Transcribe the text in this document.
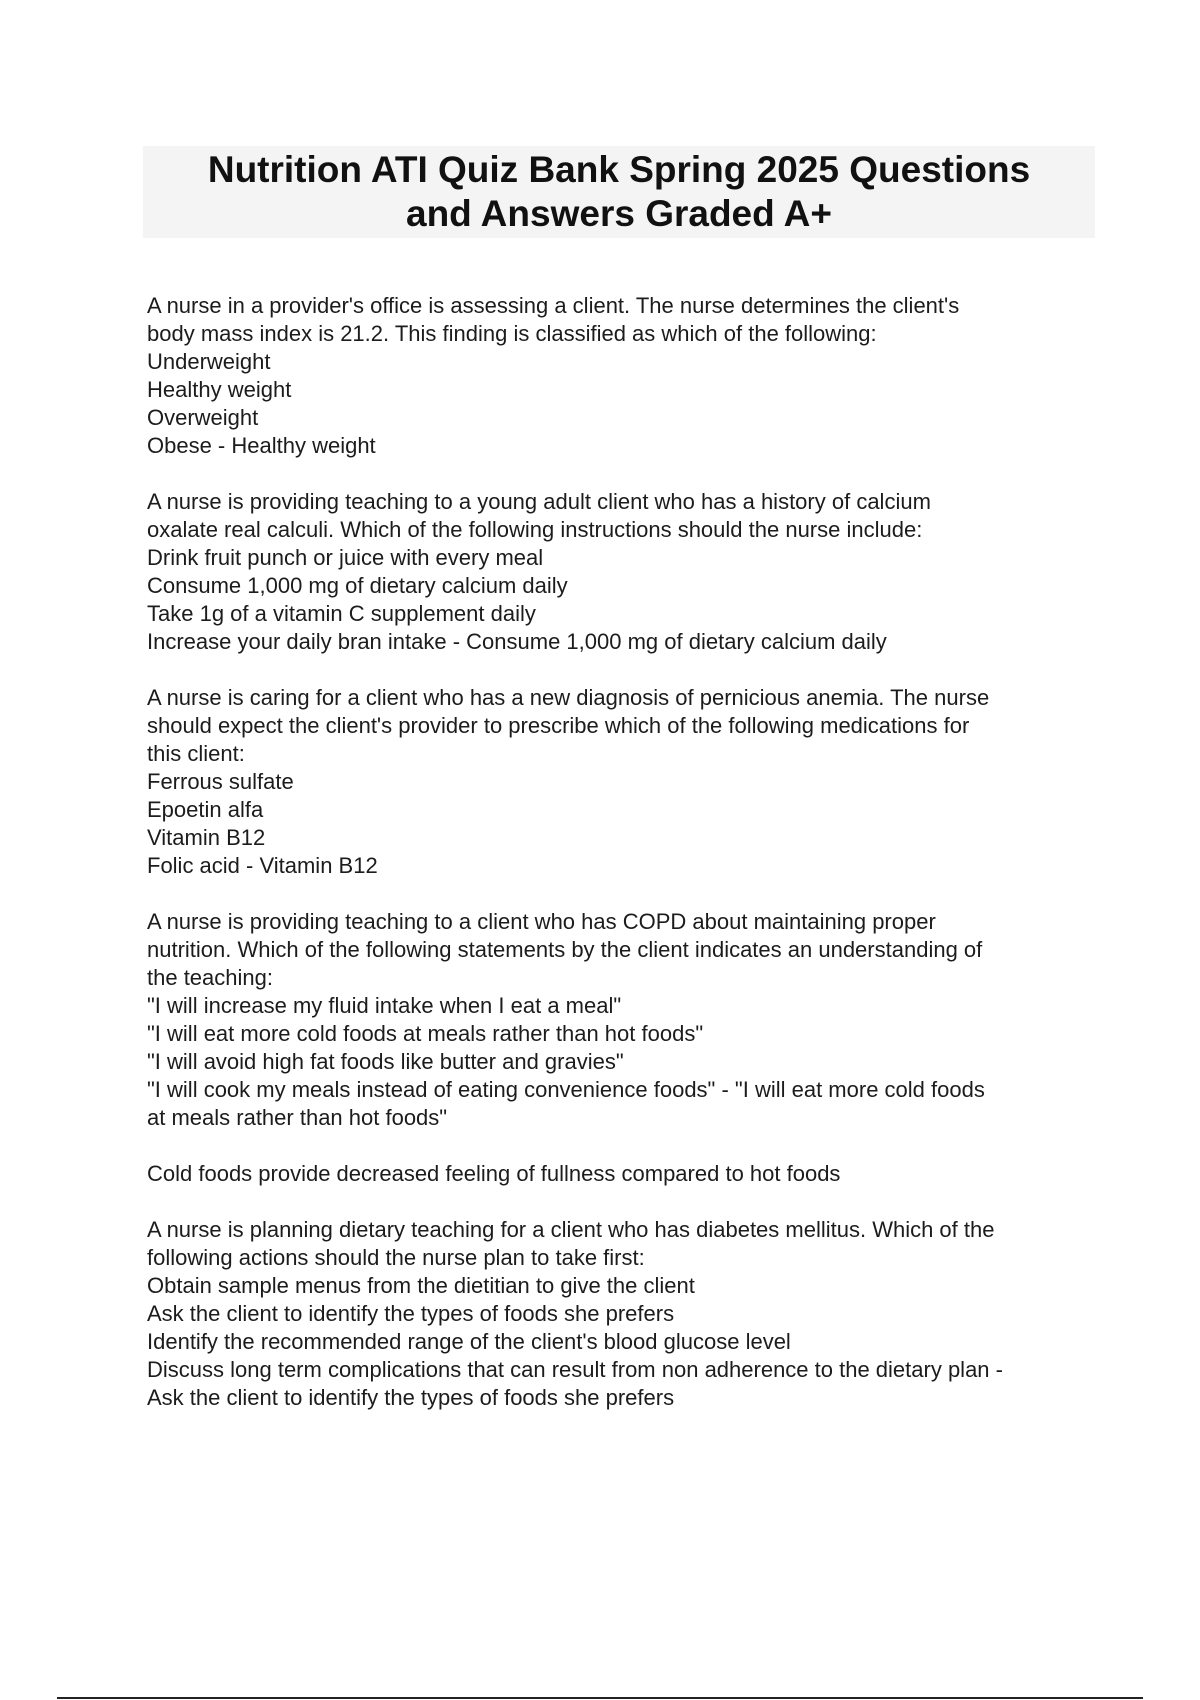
Nutrition ATI Quiz Bank Spring 2025 Questions
and Answers Graded A+
A nurse in a provider's office is assessing a client. The nurse determines the client's
body mass index is 21.2. This finding is classified as which of the following:
Underweight
Healthy weight
Overweight
Obese - Healthy weight
A nurse is providing teaching to a young adult client who has a history of calcium
oxalate real calculi. Which of the following instructions should the nurse include:
Drink fruit punch or juice with every meal
Consume 1,000 mg of dietary calcium daily
Take 1g of a vitamin C supplement daily
Increase your daily bran intake - Consume 1,000 mg of dietary calcium daily
A nurse is caring for a client who has a new diagnosis of pernicious anemia. The nurse
should expect the client's provider to prescribe which of the following medications for
this client:
Ferrous sulfate
Epoetin alfa
Vitamin B12
Folic acid - Vitamin B12
A nurse is providing teaching to a client who has COPD about maintaining proper
nutrition. Which of the following statements by the client indicates an understanding of
the teaching:
"I will increase my fluid intake when I eat a meal"
"I will eat more cold foods at meals rather than hot foods"
"I will avoid high fat foods like butter and gravies"
"I will cook my meals instead of eating convenience foods" - "I will eat more cold foods
at meals rather than hot foods"
Cold foods provide decreased feeling of fullness compared to hot foods
A nurse is planning dietary teaching for a client who has diabetes mellitus. Which of the
following actions should the nurse plan to take first:
Obtain sample menus from the dietitian to give the client
Ask the client to identify the types of foods she prefers
Identify the recommended range of the client's blood glucose level
Discuss long term complications that can result from non adherence to the dietary plan -
Ask the client to identify the types of foods she prefers
